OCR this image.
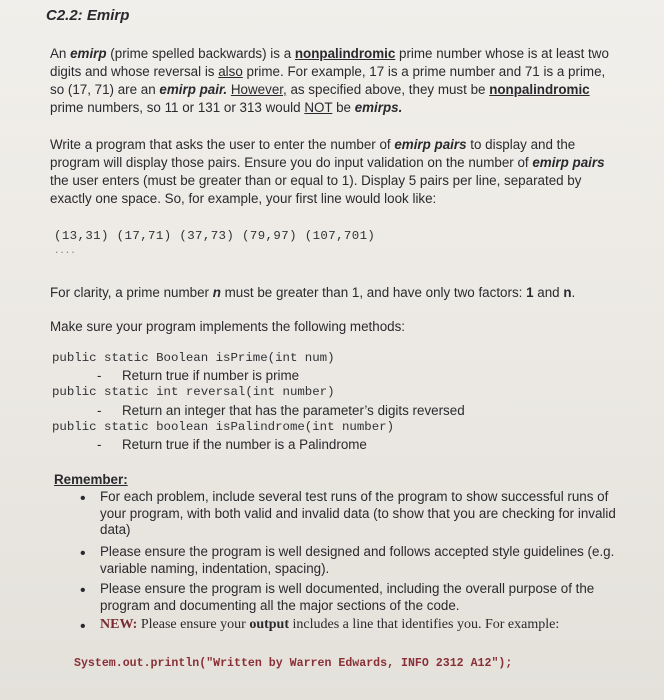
C2.2: Emirp
An emirp (prime spelled backwards) is a nonpalindromic prime number whose is at least two
digits and whose reversal is also prime. For example, 17 is a prime number and 71 is a prime,
so (17, 71) are an emirp pair. However, as specified above, they must be nonpalindromic
prime numbers, so 11 or 131 or 313 would NOT be emirps.
Write a program that asks the user to enter the number of emirp pairs to display and the
program will display those pairs. Ensure you do input validation on the number of emirp pairs
the user enters (must be greater than or equal to 1). Display 5 pairs per line, separated by
exactly one space. So, for example, your first line would look like:
(13,31) (17,71) (37,73) (79,97) (107,701)
....
For clarity, a prime number n must be greater than 1, and have only two factors: 1 and n.
Make sure your program implements the following methods:
public static Boolean isPrime(int num)
- Return true if number is prime
public static int reversal(int number)
- Return an integer that has the parameter’s digits reversed
public static boolean isPalindrome(int number)
- Return true if the number is a Palindrome
Remember:
• For each problem, include several test runs of the program to show successful runs of your program, with both valid and invalid data (to show that you are checking for invalid data)
• Please ensure the program is well designed and follows accepted style guidelines (e.g. variable naming, indentation, spacing).
• Please ensure the program is well documented, including the overall purpose of the program and documenting all the major sections of the code.
• NEW: Please ensure your output includes a line that identifies you. For example:
System.out.println("Written by Warren Edwards, INFO 2312 A12");
